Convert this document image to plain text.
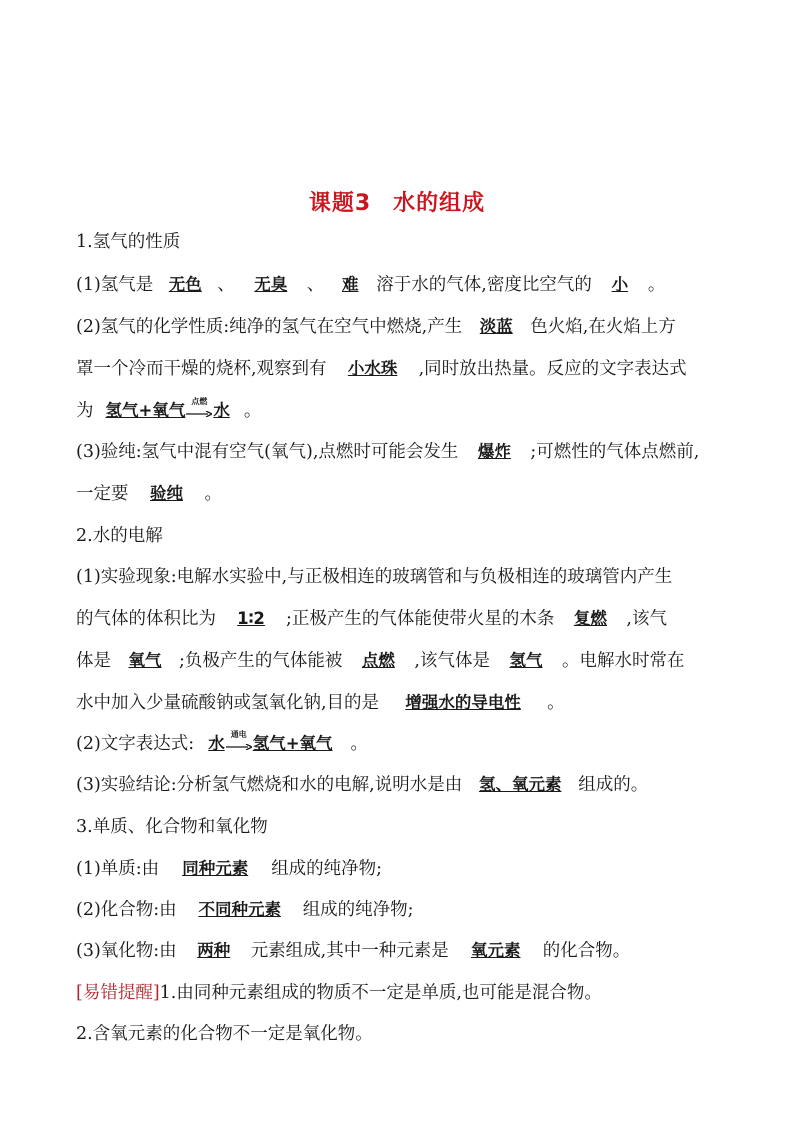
课题3 水的组成
1.氢气的性质
(1)氢气是 无色 、 无臭 、 难 溶于水的气体,密度比空气的 小 。
(2)氢气的化学性质:纯净的氢气在空气中燃烧,产生 淡蓝 色火焰,在火焰上方
罩一个冷而干燥的烧杯,观察到有 小水珠 ,同时放出热量。反应的文字表达式
为 氢气+氧气 点燃 水 。
(3)验纯:氢气中混有空气(氧气),点燃时可能会发生 爆炸 ;可燃性的气体点燃前,
一定要 验纯 。
2.水的电解
(1)实验现象:电解水实验中,与正极相连的玻璃管和与负极相连的玻璃管内产生
的气体的体积比为 1∶2 ;正极产生的气体能使带火星的木条 复燃 ,该气
体是 氧气 ;负极产生的气体能被 点燃 ,该气体是 氢气 。电解水时常在
水中加入少量硫酸钠或氢氧化钠,目的是 增强水的导电性 。
(2)文字表达式: 水 通电 氢气+氧气 。
(3)实验结论:分析氢气燃烧和水的电解,说明水是由 氢、氧元素 组成的。
3.单质、化合物和氧化物
(1)单质:由 同种元素 组成的纯净物;
(2)化合物:由 不同种元素 组成的纯净物;
(3)氧化物:由 两种 元素组成,其中一种元素是 氧元素 的化合物。
[易错提醒]1.由同种元素组成的物质不一定是单质,也可能是混合物。
2.含氧元素的化合物不一定是氧化物。
